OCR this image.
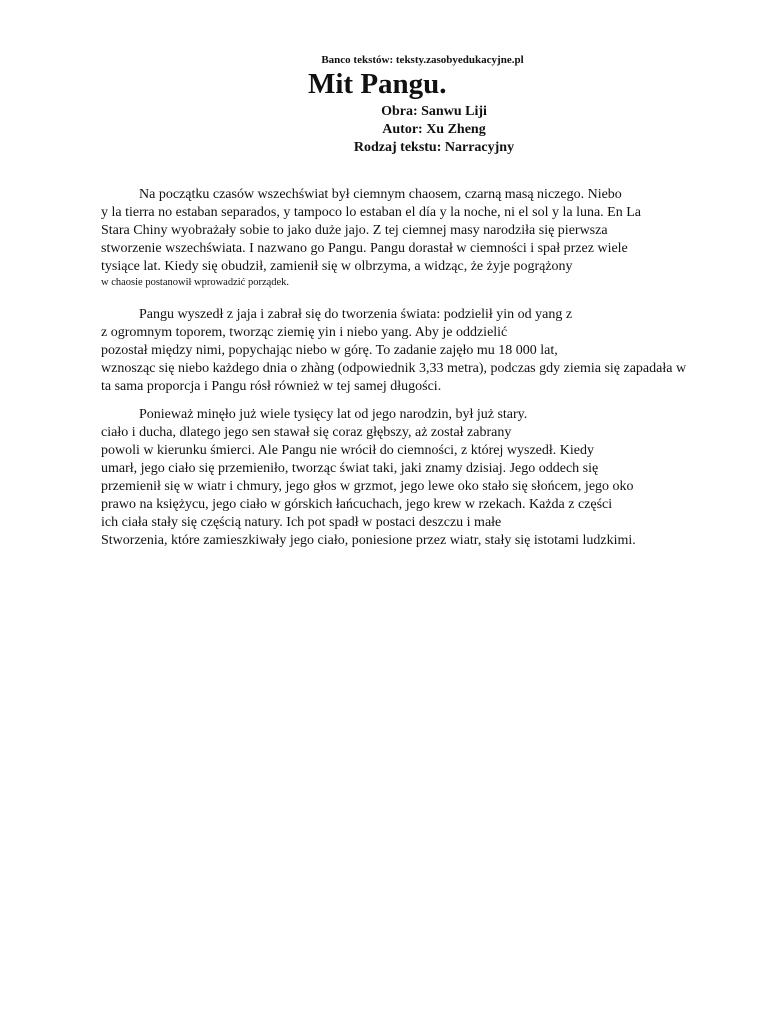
Banco tekstów: teksty.zasobyedukacyjne.pl
Mit Pangu.
Obra: Sanwu Liji
Autor: Xu Zheng
Rodzaj tekstu: Narracyjny
Na początku czasów wszechświat był ciemnym chaosem, czarną masą niczego. Niebo
y la tierra no estaban separados, y tampoco lo estaban el día y la noche, ni el sol y la luna. En La
Stara Chiny wyobrażały sobie to jako duże jajo. Z tej ciemnej masy narodziła się pierwsza
stworzenie wszechświata. I nazwano go Pangu. Pangu dorastał w ciemności i spał przez wiele
tysiące lat. Kiedy się obudził, zamienił się w olbrzyma, a widząc, że żyje pogrążony
w chaosie postanowił wprowadzić porządek.
Pangu wyszedł z jaja i zabrał się do tworzenia świata: podzielił yin od yang z
z ogromnym toporem, tworząc ziemię yin i niebo yang. Aby je oddzielić
pozostał między nimi, popychając niebo w górę. To zadanie zajęło mu 18 000 lat,
wznosząc się niebo każdego dnia o zhàng (odpowiednik 3,33 metra), podczas gdy ziemia się zapadała w
ta sama proporcja i Pangu rósł również w tej samej długości.
Ponieważ minęło już wiele tysięcy lat od jego narodzin, był już stary.
ciało i ducha, dlatego jego sen stawał się coraz głębszy, aż został zabrany
powoli w kierunku śmierci. Ale Pangu nie wrócił do ciemności, z której wyszedł. Kiedy
umarł, jego ciało się przemieniło, tworząc świat taki, jaki znamy dzisiaj. Jego oddech się
przemienił się w wiatr i chmury, jego głos w grzmot, jego lewe oko stało się słońcem, jego oko
prawo na księżycu, jego ciało w górskich łańcuchach, jego krew w rzekach. Każda z części
ich ciała stały się częścią natury. Ich pot spadł w postaci deszczu i małe
Stworzenia, które zamieszkiwały jego ciało, poniesione przez wiatr, stały się istotami ludzkimi.
